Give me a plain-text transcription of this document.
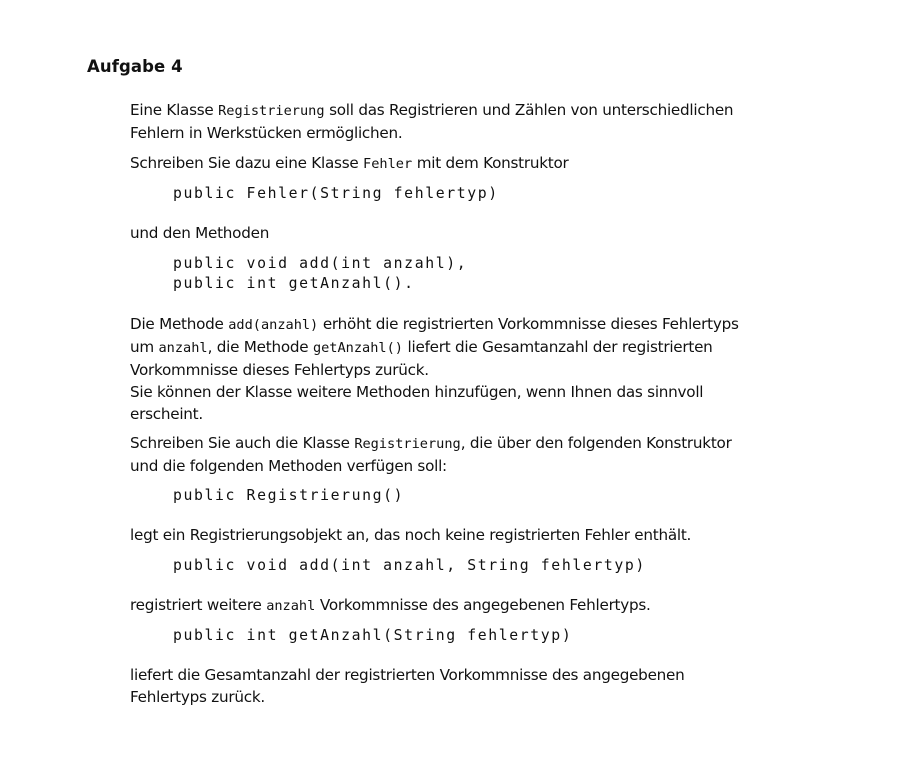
Aufgabe 4

Eine Klasse Registrierung soll das Registrieren und Zählen von unterschiedlichen Fehlern in Werkstücken ermöglichen.

Schreiben Sie dazu eine Klasse Fehler mit dem Konstruktor

public Fehler(String fehlertyp)
und den Methoden
public void add(int anzahl),
public int getAnzahl().

Die Methode add(anzahl) erhöht die registrierten Vorkommnisse dieses Fehlertyps um anzahl, die Methode getAnzahl() liefert die Gesamtanzahl der registrierten Vorkommnisse dieses Fehlertyps zurück.

Sie können der Klasse weitere Methoden hinzufügen, wenn Ihnen das sinnvoll erscheint.

Schreiben Sie auch die Klasse Registrierung, die über den folgenden Konstruktor und die folgenden Methoden verfügen soll:

public Registrierung()
legt ein Registrierungsobjekt an, das noch keine registrierten Fehler enthält.
public void add(int anzahl, String fehlertyp)

registriert weitere anzahl Vorkommnisse des angegebenen Fehlertyps.

public int getAnzahl(String fehlertyp)
liefert die Gesamtanzahl der registrierten Vorkommnisse des angegebenen Fehlertyps zurück.
